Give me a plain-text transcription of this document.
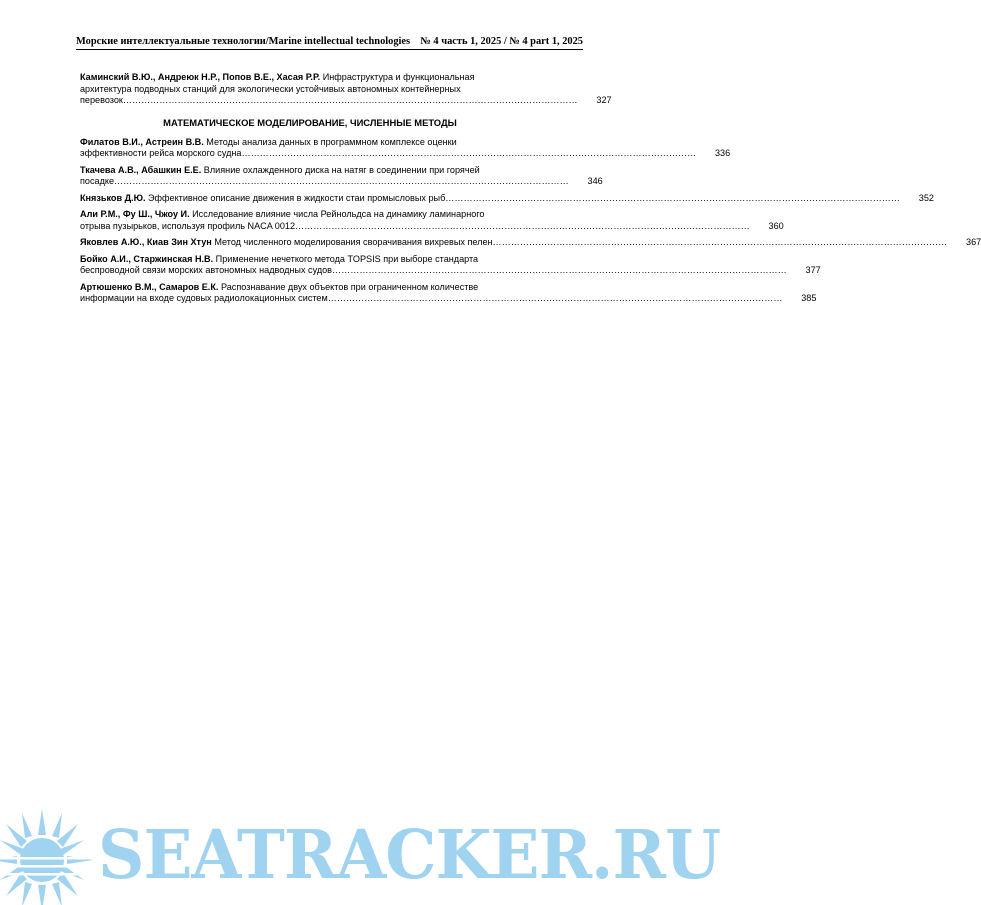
Морские интеллектуальные технологии/Marine intellectual technologies № 4 часть 1, 2025 / № 4 part 1, 2025
Каминский В.Ю., Андреюк Н.Р., Попов В.Е., Хасая Р.Р. Инфраструктура и функциональная
архитектура подводных станций для экологически устойчивых автономных контейнерных
перевозок……………………………………………………………………………………………………………………………………	327
МАТЕМАТИЧЕСКОЕ МОДЕЛИРОВАНИЕ, ЧИСЛЕННЫЕ МЕТОДЫ
Филатов В.И., Астреин В.В. Методы анализа данных в программном комплексе оценки
эффективности рейса морского судна……………………………………………………………………………………………………………………………………	336
Ткачева А.В., Абашкин Е.Е. Влияние охлажденного диска на натяг в соединении при горячей
посадке……………………………………………………………………………………………………………………………………	346
Князьков Д.Ю. Эффективное описание движения в жидкости стаи промысловых рыб……………………………………………………………………………………………………………………………………	352
Али Р.М., Фу Ш., Чжоу И. Исследование влияние числа Рейнольдса на динамику ламинарного
отрыва пузырьков, используя профиль NACA 0012……………………………………………………………………………………………………………………………………	360
Яковлев А.Ю., Киав Зин Хтун Метод численного моделирования сворачивания вихревых пелен……………………………………………………………………………………………………………………………………	367
Бойко А.И., Старжинская Н.В. Применение нечеткого метода TOPSIS при выборе стандарта
беспроводной связи морских автономных надводных судов……………………………………………………………………………………………………………………………………	377
Артюшенко В.М., Самаров Е.К. Распознавание двух объектов при ограниченном количестве
информации на входе судовых радиолокационных систем……………………………………………………………………………………………………………………………………	385
SEATRACKER.RU
